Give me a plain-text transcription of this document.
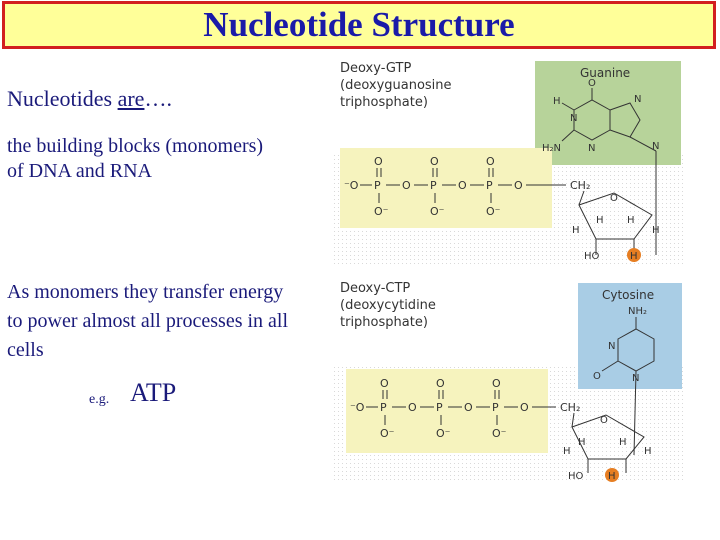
Nucleotide Structure
Nucleotides are….
the building blocks (monomers) of DNA and RNA
As monomers they transfer energy to power almost all processes in all cells
e.g. ATP
Deoxy-GTP
(deoxyguanosine
triphosphate)
Guanine
⁻O P
O
O⁻
O P
O
O⁻
O P
O
O⁻
O	CH₂
O
H
N
H₂N	N
N
N
O
H H
H	H
HO	H
Deoxy-CTP
(deoxycytidine
triphosphate)
Cytosine
NH₂
⁻O P
O
O⁻
O P
O
O⁻
O P
O
O⁻
O	CH₂
N
O	N
O
H	H
H	H
HO H
